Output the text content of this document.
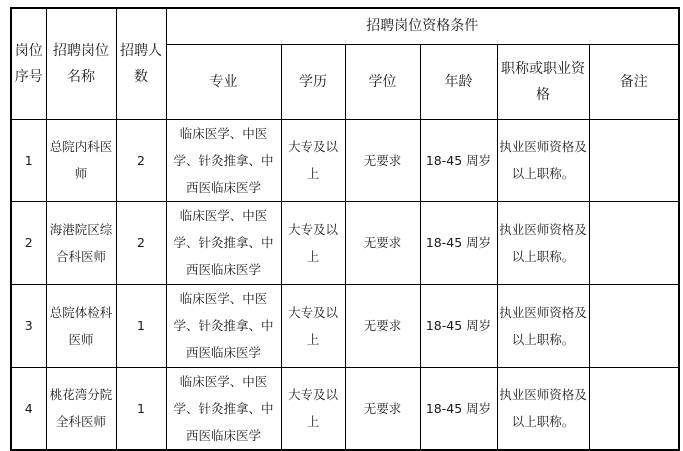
岗位序号	招聘岗位名称	招聘人数	招聘岗位资格条件					
			专业	学历	学位	年龄	职称或职业资格	备注
1	总院内科医师	2	临床医学、中医学、针灸推拿、中西医临床医学	大专及以上	无要求	18-45 周岁	执业医师资格及以上职称。	
2	海港院区综合科医师	2	临床医学、中医学、针灸推拿、中西医临床医学	大专及以上	无要求	18-45 周岁	执业医师资格及以上职称。	
3	总院体检科医师	1	临床医学、中医学、针灸推拿、中西医临床医学	大专及以上	无要求	18-45 周岁	执业医师资格及以上职称。	
4	桃花湾分院全科医师	1	临床医学、中医学、针灸推拿、中西医临床医学	大专及以上	无要求	18-45 周岁	执业医师资格及以上职称。	
